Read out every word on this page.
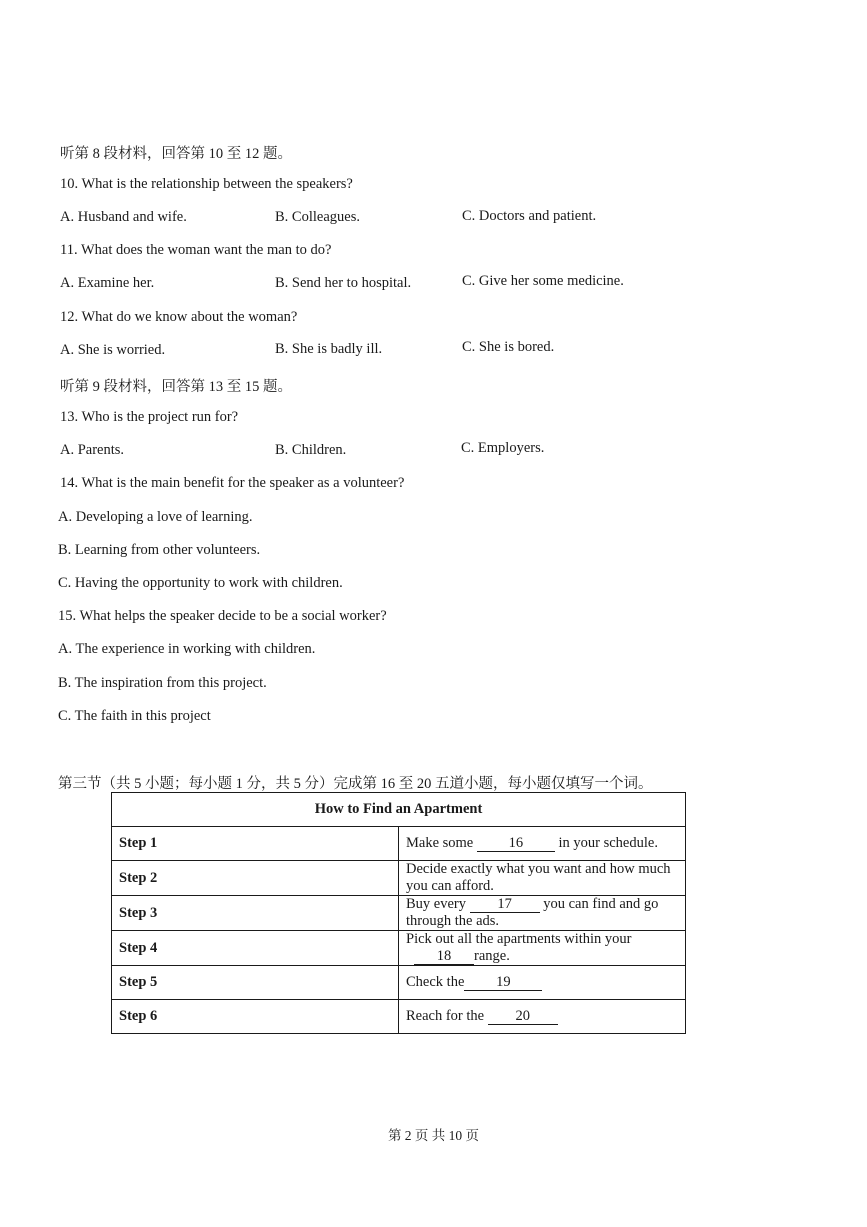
听第 8 段材料，回答第 10 至 12 题。
10. What is the relationship between the speakers?
A. Husband and wife.	B. Colleagues.	C. Doctors and patient.
11. What does the woman want the man to do?
A. Examine her.	B. Send her to hospital.	C. Give her some medicine.
12. What do we know about the woman?
A. She is worried.	B. She is badly ill.	C. She is bored.
听第 9 段材料，回答第 13 至 15 题。
13. Who is the project run for?
A. Parents.	B. Children.	C. Employers.
14. What is the main benefit for the speaker as a volunteer?
A. Developing a love of learning.
B. Learning from other volunteers.
C. Having the opportunity to work with children.
15. What helps the speaker decide to be a social worker?
A. The experience in working with children.
B. The inspiration from this project.
C. The faith in this project
第三节（共 5 小题；每小题 1 分，共 5 分）完成第 16 至 20 五道小题，每小题仅填写一个词。
How to Find an Apartment	
Step 1	Make some 16 in your schedule.
Step 2	Decide exactly what you want and how much you can afford.
Step 3	Buy every 17 you can find and go through the ads.
Step 4	Pick out all the apartments within your 18 range.
Step 5	Check the 19
Step 6	Reach for the 20
第 2 页 共 10 页
